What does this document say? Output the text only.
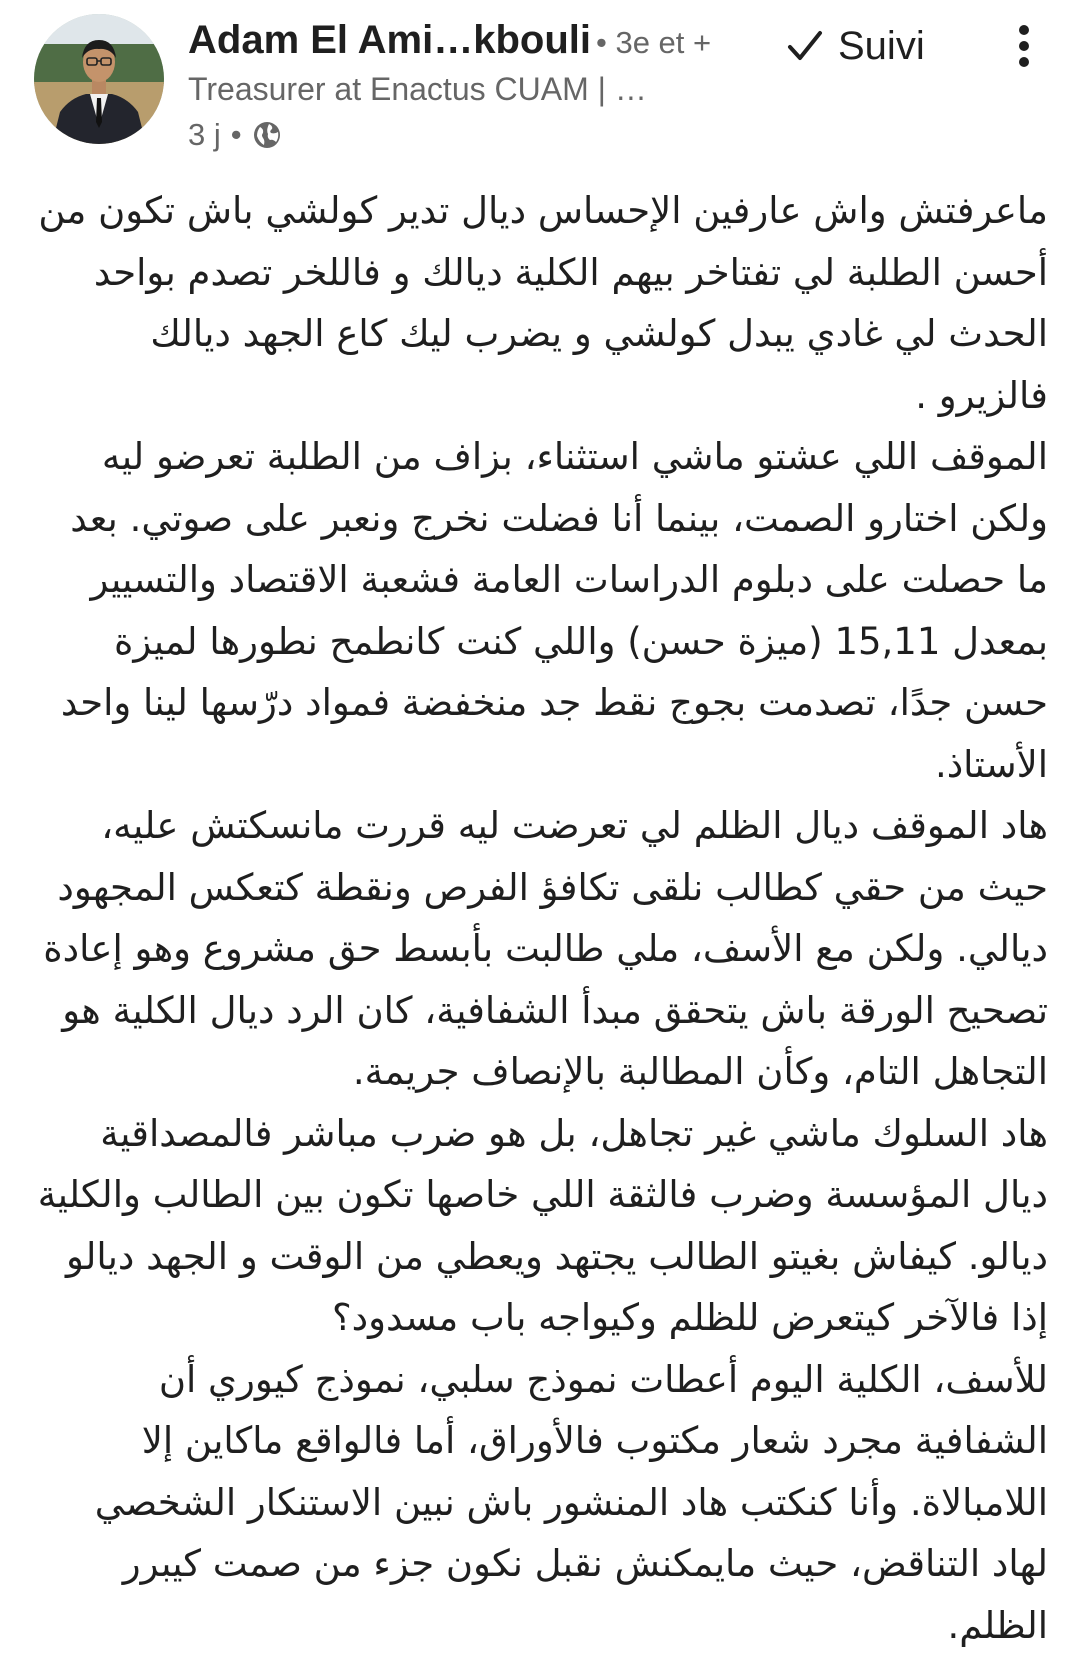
Adam El Ami…kbouli • 3e et +
Treasurer at Enactus CUAM | …
3 j •
Suivi

ماعرفتش واش عارفين الإحساس ديال تدير كولشي باش تكون من أحسن الطلبة لي تفتاخر بيهم الكلية ديالك و فاللخر تصدم بواحد الحدث لي غادي يبدل كولشي و يضرب ليك كاع الجهد ديالك فالزيرو .

الموقف اللي عشتو ماشي استثناء، بزاف من الطلبة تعرضو ليه ولكن اختارو الصمت، بينما أنا فضلت نخرج ونعبر على صوتي. بعد ما حصلت على دبلوم الدراسات العامة فشعبة الاقتصاد والتسيير بمعدل 15,11 (ميزة حسن) واللي كنت كانطمح نطورها لميزة حسن جدًا، تصدمت بجوج نقط جد منخفضة فمواد درّسها لينا واحد الأستاذ.

هاد الموقف ديال الظلم لي تعرضت ليه قررت مانسكتش عليه، حيث من حقي كطالب نلقى تكافؤ الفرص ونقطة كتعكس المجهود ديالي. ولكن مع الأسف، ملي طالبت بأبسط حق مشروع وهو إعادة تصحيح الورقة باش يتحقق مبدأ الشفافية، كان الرد ديال الكلية هو التجاهل التام، وكأن المطالبة بالإنصاف جريمة.

هاد السلوك ماشي غير تجاهل، بل هو ضرب مباشر فالمصداقية ديال المؤسسة وضرب فالثقة اللي خاصها تكون بين الطالب والكلية ديالو. كيفاش بغيتو الطالب يجتهد ويعطي من الوقت و الجهد ديالو إذا فالآخر كيتعرض للظلم وكيواجه باب مسدود؟

للأسف، الكلية اليوم أعطات نموذج سلبي، نموذج كيوري أن الشفافية مجرد شعار مكتوب فالأوراق، أما فالواقع ماكاين إلا اللامبالاة. وأنا كنكتب هاد المنشور باش نبين الاستنكار الشخصي لهاد التناقض، حيث مايمكنش نقبل نكون جزء من صمت كيبرر الظلم.
